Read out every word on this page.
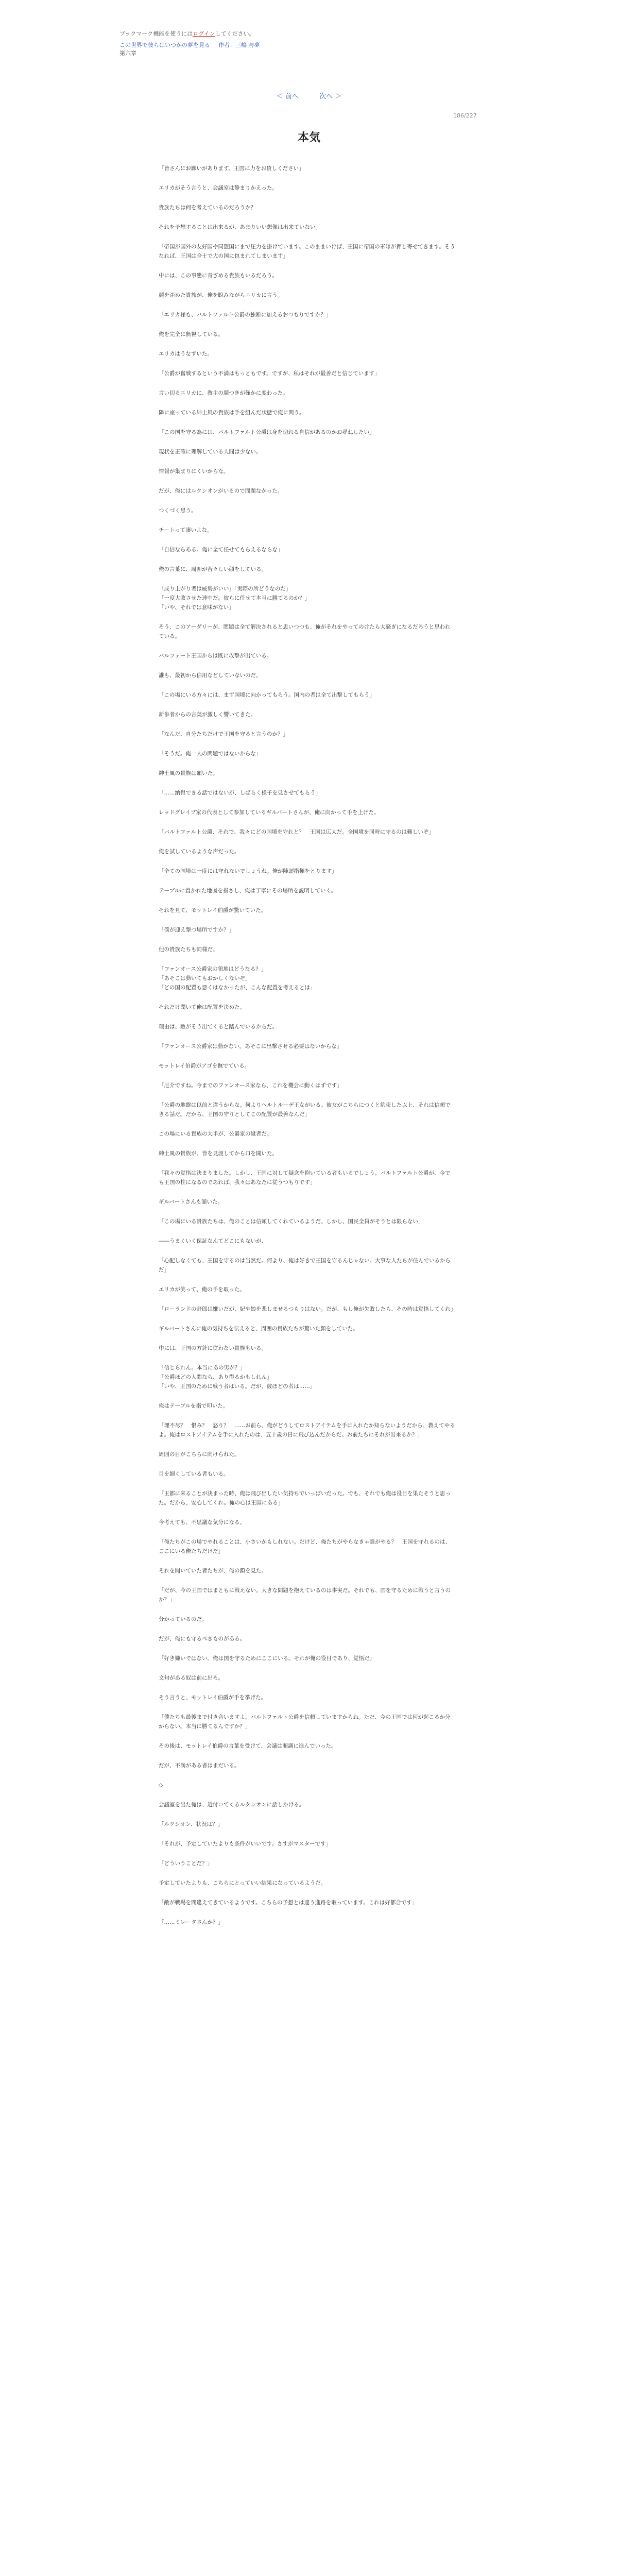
ブックマーク機能を使うにはログインしてください。
この世界で彼らはいつかの夢を見る 作者：三嶋 与夢
第六章
＜ 前へ	次へ ＞
186/227
本気

「皆さんにお願いがあります。王国に力をお貸しください」

エリカがそう言うと、会議室は静まりかえった。

貴族たちは何を考えているのだろうか？

それを予想することは出来るが、あまりいい想像は出来ていない。

「帝国が国外の友好国や同盟国にまで圧力を掛けています。このままいけば、王国に帝国の軍隊が押し寄せてきます。そうなれば、王国は全土で大の国に包まれてしまいます」

中には、この事態に青ざめる貴族もいるだろう。

顔を歪めた貴族が、俺を睨みながらエリカに言う。

「エリカ様も、バルトファルト公爵の独断に加えるおつもりですか？」

俺を完全に無視している。

エリカはうなずいた。

「公爵が奮戦するという不満はもっともです。ですが、私はそれが最善だと信じています」

言い切るエリカに、教主の顔つきが僅かに変わった。

隣に座っている紳士風の貴族は手を組んだ状態で俺に問う。

「この国を守る為には、バルトファルト公爵は身を切れる自信があるのかお尋ねしたい」

現状を正確に理解している人間は少ない。

情報が集まりにくいからな。

だが、俺にはルクシオンがいるので問題なかった。

つくづく思う。

チートって凄いよな。

「自信ならある。俺に全て任せてもらえるならな」

俺の言葉に、周囲が苦々しい顔をしている。

「成り上がり者は威勢がいい」「実際の所どうなのだ」
「一度大敗させた連中だ。彼らに任せて本当に勝てるのか？」
「いや、それでは意味がない」

そう、このアーダリーが、問題は全て解決されると思いつつも、俺がそれをやってのけたら大騒ぎになるだろうと思われている。

バルファート王国からは既に攻撃が出ている。

誰も、最初から信用などしていないのだ。

「この場にいる方々には、まず国境に向かってもらう。国内の者は全て出撃してもらう」

新参者からの言葉が激しく響いてきた。

「なんだ、自分たちだけで王国を守ると言うのか？」

「そうだ。俺一人の問題ではないからな」

紳士風の貴族は頷いた。

「……納得できる話ではないが、しばらく様子を見させてもらう」

レッドグレイブ家の代表として参加しているギルバートさんが、俺に向かって手を上げた。

「バルトファルト公爵、それで、我々にどの国境を守れと？　王国は広大だ。全国境を同時に守るのは難しいぞ」

俺を試しているような声だった。

「全ての国境は一度には守れないでしょうね。俺が陣頭指揮をとります」

テーブルに置かれた地図を指さし、俺は丁寧にその場所を説明していく。

それを見て、モットレイ伯爵が驚いていた。

「僕が迎え撃つ場所ですか？」

他の貴族たちも同様だ。

「ファンオース公爵家の領地はどうなる？」
「あそこは動いてもおかしくないぞ」
「どの国の配置も悪くはなかったが、こんな配置を考えるとは」

それだけ聞いて俺は配置を決めた。

理由は、敵がそう出てくると踏んでいるからだ。

「ファンオース公爵家は動かない。あそこに出撃させる必要はないからな」

モットレイ伯爵がアゴを撫でている。

「厄介ですね。今までのファンオース家なら、これを機会に動くはずです」

「公爵の地盤は以前と違うからな。何よりヘルトルーデ王女がいる。彼女がこちらにつくと約束した以上、それは信頼できる話だ。だから、王国の守りとしてこの配置が最善なんだ」

この場にいる貴族の大半が、公爵家の縁者だ。

紳士風の貴族が、皆を見渡してから口を開いた。

「我々の覚悟は決まりました。しかし、王国に対して疑念を抱いている者もいるでしょう。バルトファルト公爵が、今でも王国の柱になるのであれば、我々はあなたに従うつもりです」

ギルバートさんも頷いた。

「この場にいる貴族たちは、俺のことは信頼してくれているようだ。しかし、国民全員がそうとは限らない」

――うまくいく保証なんてどこにもないが、

「心配しなくても、王国を守るのは当然だ。何より、俺は好きで王国を守るんじゃない。大事な人たちが住んでいるからだ」

エリカが笑って、俺の手を取った。

「ローランドの野郎は嫌いだが、妃や娘を悲しませるつもりはない。だが、もし俺が失敗したら、その時は覚悟してくれ」

ギルバートさんに俺の気持ちを伝えると、周囲の貴族たちが驚いた顔をしていた。

中には、王国の方針に従わない貴族もいる。

「信じられん。本当にあの男が？」
「公爵ほどの人間なら、あり得るかもしれん」
「いや、王国のために戦う者はいる。だが、彼ほどの者は……」

俺はテーブルを指で叩いた。

「理不尽？　恨み？　怒り？　……お前ら、俺がどうしてロストアイテムを手に入れたか知らないようだから、教えてやるよ。俺はロストアイテムを手に入れたのは、五十歳の日に飛び込んだからだ。お前たちにそれが出来るか？」

周囲の目がこちらに向けられた。

目を細くしている者もいる。

「王都に来ることが決まった時、俺は飛び出したい気持ちでいっぱいだった。でも、それでも俺は役目を果たそうと思った。だから、安心してくれ。俺の心は王国にある」

今考えても、不思議な気分になる。

「俺たちがこの場でやれることは、小さいかもしれない。だけど、俺たちがやらなきゃ誰がやる？　王国を守れるのは、ここにいる俺たちだけだ」

それを聞いていた者たちが、俺の顔を見た。

「だが、今の王国ではまともに戦えない。大きな問題を抱えているのは事実だ。それでも、国を守るために戦うと言うのか？」

分かっているのだ。

だが、俺にも守るべきものがある。

「好き嫌いではない。俺は国を守るためにここにいる。それが俺の役目であり、覚悟だ」

文句がある奴は前に出ろ。

そう言うと、モットレイ伯爵が手を挙げた。

「僕たちも最後まで付き合いますよ。バルトファルト公爵を信頼していますからね。ただ、今の王国では何が起こるか分からない。本当に勝てるんですか？」

その後は、モットレイ伯爵の言葉を受けて、会議は順調に進んでいった。

だが、不満がある者はまだいる。

◇

会議室を出た俺は、近付いてくるルクシオンに話しかける。

「ルクシオン、状況は？」

「それが、予定していたよりも条件がいいです。さすがマスターです」

「どういうことだ？」

予定していたよりも、こちらにとっていい結果になっているようだ。

「敵が戦場を間違えてきているようです。こちらの予想とは違う進路を取っています。これは好都合です」

「……ミレータさんか？」
